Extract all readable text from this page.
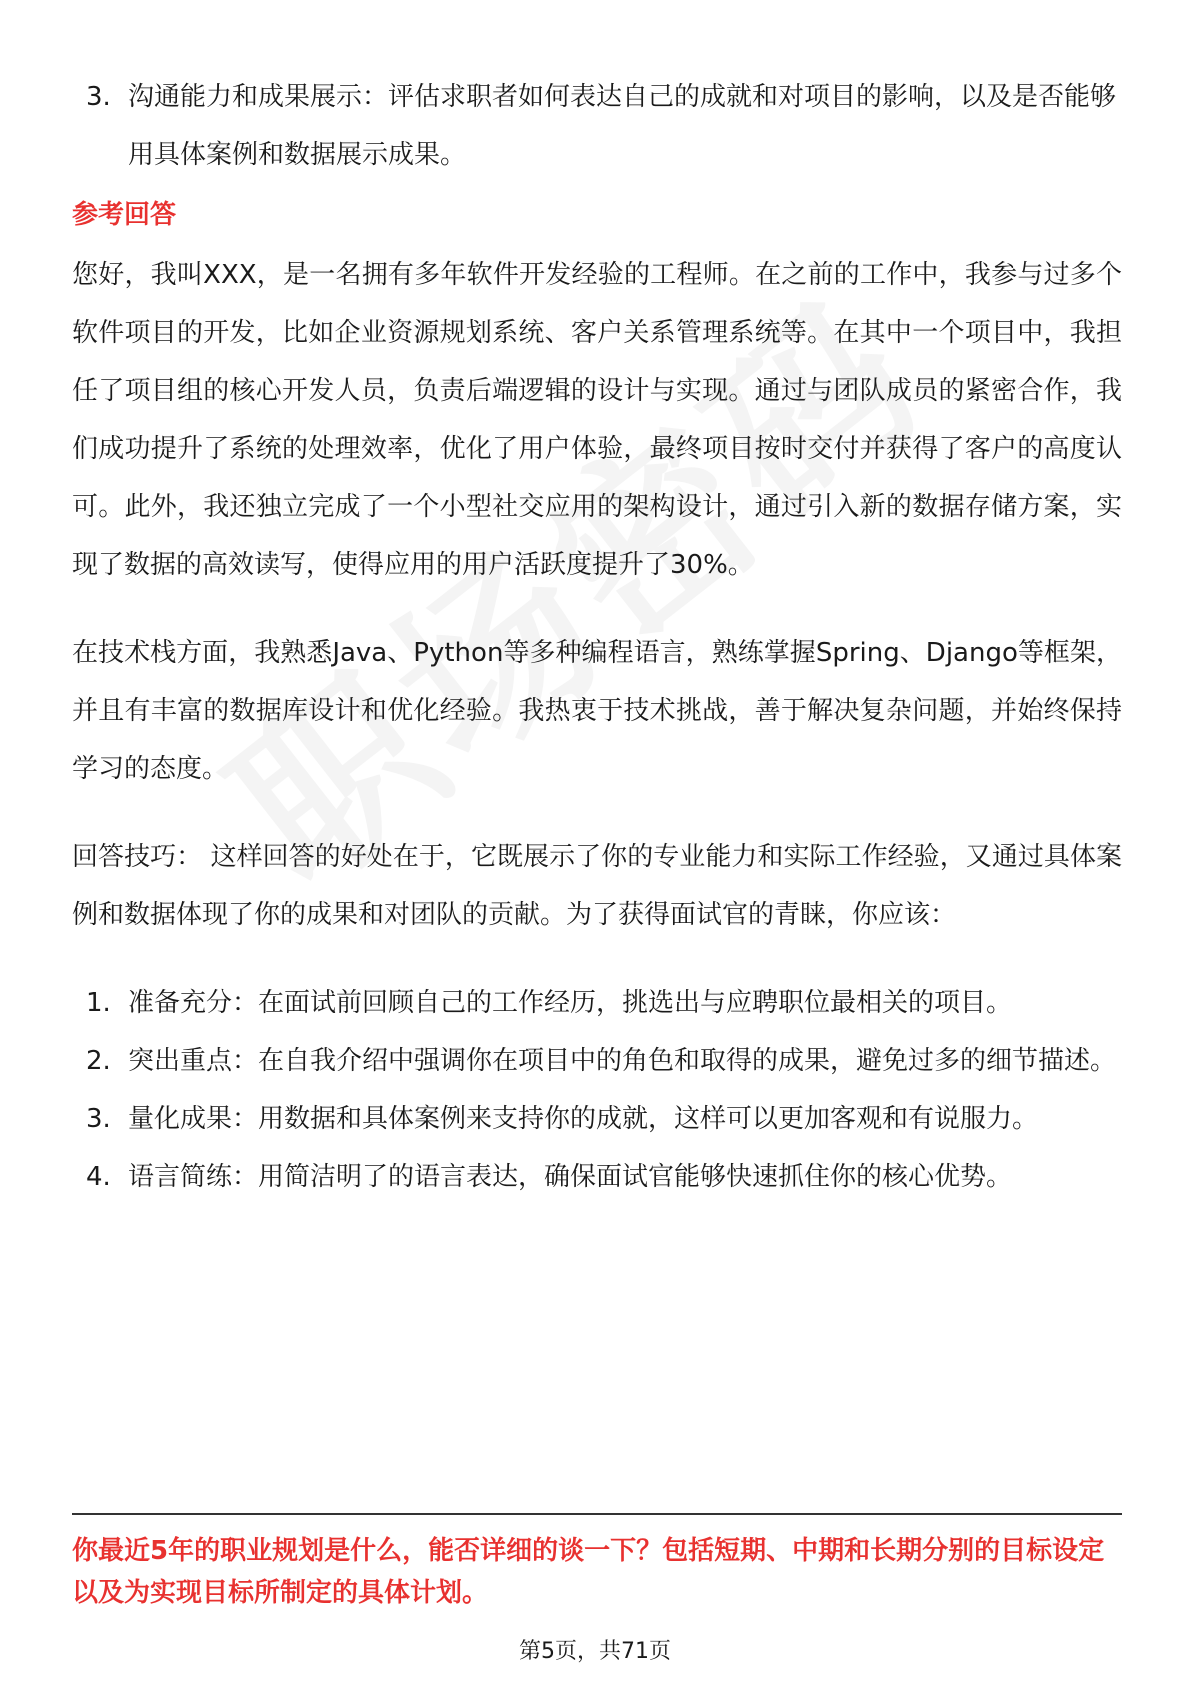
3. 沟通能力和成果展示：评估求职者如何表达自己的成就和对项目的影响，以及是否能够用具体案例和数据展示成果。

参考回答

您好，我叫XXX，是一名拥有多年软件开发经验的工程师。在之前的工作中，我参与过多个软件项目的开发，比如企业资源规划系统、客户关系管理系统等。在其中一个项目中，我担任了项目组的核心开发人员，负责后端逻辑的设计与实现。通过与团队成员的紧密合作，我们成功提升了系统的处理效率，优化了用户体验，最终项目按时交付并获得了客户的高度认可。此外，我还独立完成了一个小型社交应用的架构设计，通过引入新的数据存储方案，实现了数据的高效读写，使得应用的用户活跃度提升了30%。

在技术栈方面，我熟悉Java、Python等多种编程语言，熟练掌握Spring、Django等框架，并且有丰富的数据库设计和优化经验。我热衷于技术挑战，善于解决复杂问题，并始终保持学习的态度。

回答技巧： 这样回答的好处在于，它既展示了你的专业能力和实际工作经验，又通过具体案例和数据体现了你的成果和对团队的贡献。为了获得面试官的青睐，你应该：

1. 准备充分：在面试前回顾自己的工作经历，挑选出与应聘职位最相关的项目。
2. 突出重点：在自我介绍中强调你在项目中的角色和取得的成果，避免过多的细节描述。
3. 量化成果：用数据和具体案例来支持你的成就，这样可以更加客观和有说服力。
4. 语言简练：用简洁明了的语言表达，确保面试官能够快速抓住你的核心优势。
你最近5年的职业规划是什么，能否详细的谈一下？包括短期、中期和长期分别的目标设定以及为实现目标所制定的具体计划。
第5页，共71页
